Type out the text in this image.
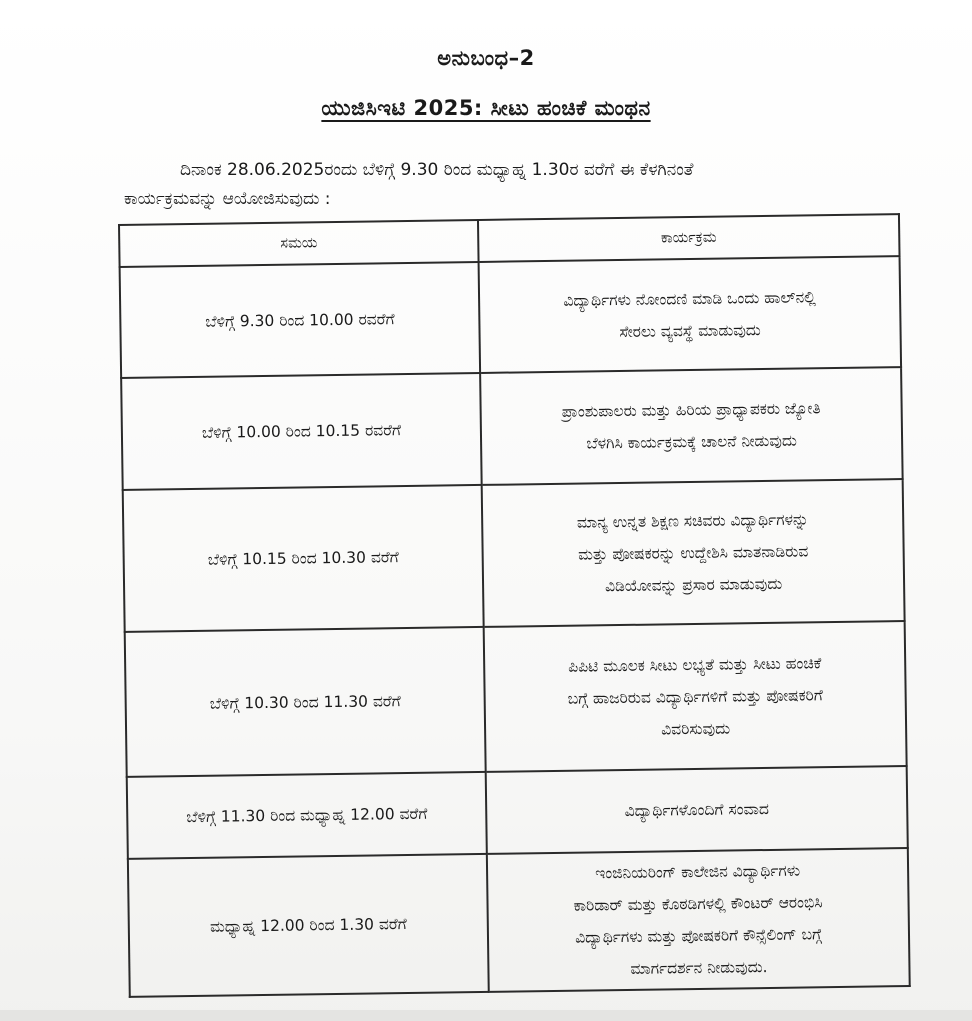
ಅನುಬಂಧ–2
ಯುಜಿಸಿಇಟಿ 2025: ಸೀಟು ಹಂಚಿಕೆ ಮಂಥನ
ದಿನಾಂಕ 28.06.2025ರಂದು ಬೆಳಿಗ್ಗೆ 9.30 ರಿಂದ ಮಧ್ಯಾಹ್ನ 1.30ರ ವರೆಗೆ ಈ ಕೆಳಗಿನಂತೆ
ಕಾರ್ಯಕ್ರಮವನ್ನು ಆಯೋಜಿಸುವುದು :
ಸಮಯ	ಕಾರ್ಯಕ್ರಮ
ಬೆಳಿಗ್ಗೆ 9.30 ರಿಂದ 10.00 ರವರೆಗೆ	ವಿದ್ಯಾರ್ಥಿಗಳು ನೋಂದಣಿ ಮಾಡಿ ಒಂದು ಹಾಲ್‌ನಲ್ಲಿ
ಸೇರಲು ವ್ಯವಸ್ಥೆ ಮಾಡುವುದು
ಬೆಳಿಗ್ಗೆ 10.00 ರಿಂದ 10.15 ರವರೆಗೆ	ಪ್ರಾಂಶುಪಾಲರು ಮತ್ತು ಹಿರಿಯ ಪ್ರಾಧ್ಯಾಪಕರು ಜ್ಯೋತಿ
ಬೆಳಗಿಸಿ ಕಾರ್ಯಕ್ರಮಕ್ಕೆ ಚಾಲನೆ ನೀಡುವುದು
ಬೆಳಿಗ್ಗೆ 10.15 ರಿಂದ 10.30 ವರೆಗೆ	ಮಾನ್ಯ ಉನ್ನತ ಶಿಕ್ಷಣ ಸಚಿವರು ವಿದ್ಯಾರ್ಥಿಗಳನ್ನು
ಮತ್ತು ಪೋಷಕರನ್ನು ಉದ್ದೇಶಿಸಿ ಮಾತನಾಡಿರುವ
ವಿಡಿಯೋವನ್ನು ಪ್ರಸಾರ ಮಾಡುವುದು
ಬೆಳಿಗ್ಗೆ 10.30 ರಿಂದ 11.30 ವರೆಗೆ	ಪಿಪಿಟಿ ಮೂಲಕ ಸೀಟು ಲಭ್ಯತೆ ಮತ್ತು ಸೀಟು ಹಂಚಿಕೆ
ಬಗ್ಗೆ ಹಾಜರಿರುವ ವಿದ್ಯಾರ್ಥಿಗಳಿಗೆ ಮತ್ತು ಪೋಷಕರಿಗೆ
ವಿವರಿಸುವುದು
ಬೆಳಿಗ್ಗೆ 11.30 ರಿಂದ ಮಧ್ಯಾಹ್ನ 12.00 ವರೆಗೆ	ವಿದ್ಯಾರ್ಥಿಗಳೊಂದಿಗೆ ಸಂವಾದ
ಮಧ್ಯಾಹ್ನ 12.00 ರಿಂದ 1.30 ವರೆಗೆ	ಇಂಜಿನಿಯರಿಂಗ್ ಕಾಲೇಜಿನ ವಿದ್ಯಾರ್ಥಿಗಳು
ಕಾರಿಡಾರ್ ಮತ್ತು ಕೊಠಡಿಗಳಲ್ಲಿ ಕೌಂಟರ್ ಆರಂಭಿಸಿ
ವಿದ್ಯಾರ್ಥಿಗಳು ಮತ್ತು ಪೋಷಕರಿಗೆ ಕೌನ್ಸೆಲಿಂಗ್ ಬಗ್ಗೆ
ಮಾರ್ಗದರ್ಶನ ನೀಡುವುದು.
